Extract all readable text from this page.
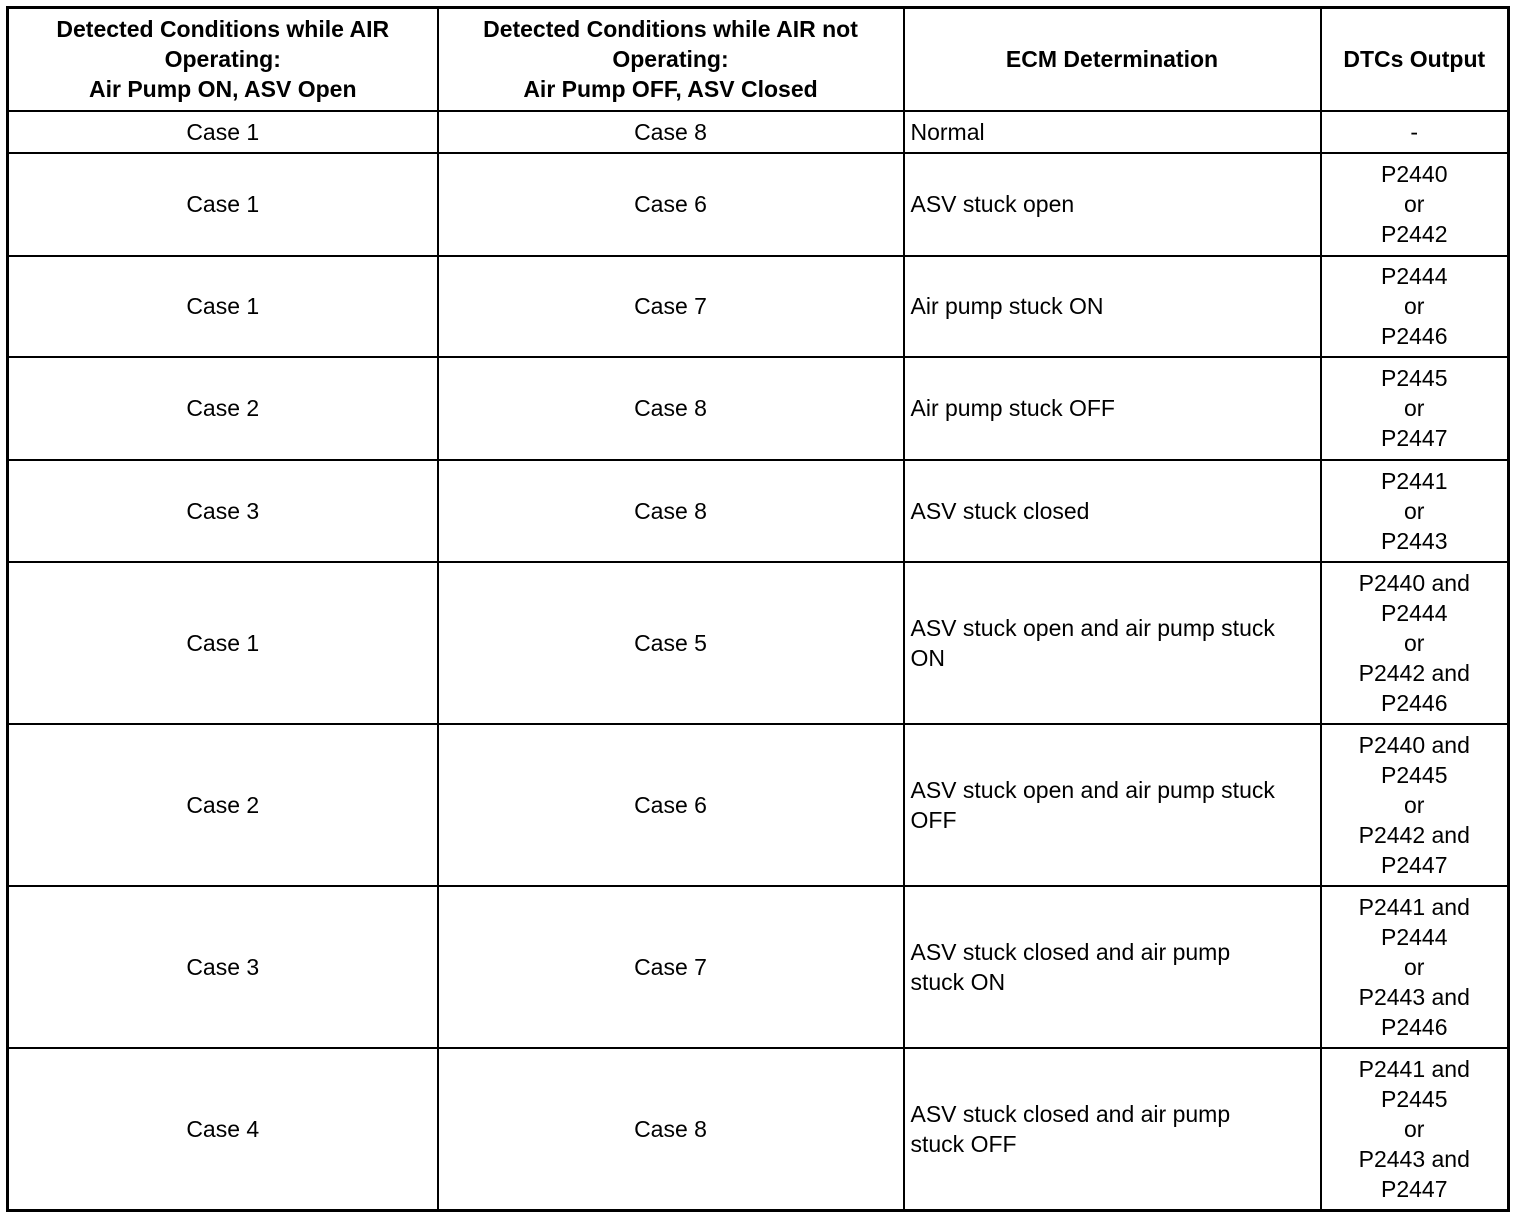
Detected Conditions while AIR
Operating:
Air Pump ON, ASV Open	Detected Conditions while AIR not
Operating:
Air Pump OFF, ASV Closed	ECM Determination	DTCs Output

Case 1	Case 8	Normal	-

Case 1	Case 6	ASV stuck open	P2440
or
P2442

Case 1	Case 7	Air pump stuck ON	P2444
or
P2446

Case 2	Case 8	Air pump stuck OFF	P2445
or
P2447

Case 3	Case 8	ASV stuck closed	P2441
or
P2443

Case 1	Case 5	ASV stuck open and air pump stuck
ON	P2440 and
P2444
or
P2442 and
P2446

Case 2	Case 6	ASV stuck open and air pump stuck
OFF	P2440 and
P2445
or
P2442 and
P2447

Case 3	Case 7	ASV stuck closed and air pump
stuck ON	P2441 and
P2444
or
P2443 and
P2446

Case 4	Case 8	ASV stuck closed and air pump
stuck OFF	P2441 and
P2445
or
P2443 and
P2447
